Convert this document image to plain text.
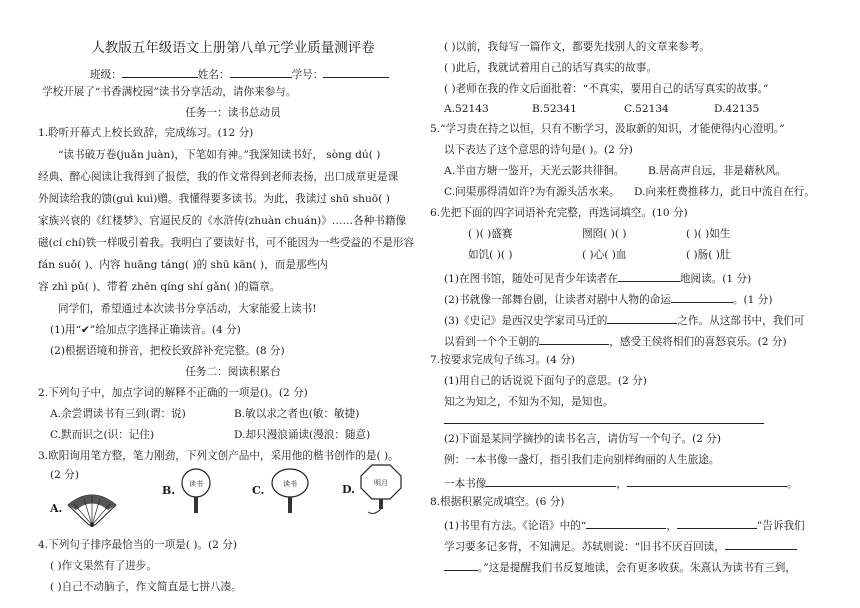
人教版五年级语文上册第八单元学业质量测评卷
班级：	姓名：	学号：
学校开展了“书香满校园”读书分享活动，请你来参与。
任务一：读书总动员
1.聆听开幕式上校长致辞，完成练习。(12 分)
“读书破万卷(juǎn juàn)，下笔如有神。”我深知读书好， sòng dú( )
经典、醉心阅读让我得到了报偿，我的作文常得到老师表扬，出口成章更是课
外阅读给我的馈(guì kuì)赠。我懂得要多读书。为此，我读过 shū shuō( )
家族兴衰的《红楼梦》、官逼民反的《水浒传(zhuàn chuán)》……各种书籍像
磁(cí chí)铁一样吸引着我。我明白了要读好书，可不能因为一些受益的不是形容
fán suǒ( )、内容 huāng táng( )的 shū kān( )，而是那些内
容 zhì pǔ( )、带着 zhēn qíng shí gǎn( )的篇章。
同学们，希望通过本次读书分享活动，大家能爱上读书!
(1)用“✔”给加点字选择正确读音。(4 分)
(2)根据语境和拼音，把校长致辞补充完整。(8 分)
任务二：阅读积累台
2.下列句子中，加点字词的解释不正确的一项是()。(2 分)
A.余尝谓读书有三到(谓：说)	B.敏以求之者也(敏：敏捷)
C.默而识之(识：记住)	D.却只漫浪诵读(漫浪：随意)
3.欧阳询用笔方整，笔力刚劲，下列文创产品中，采用他的楷书创作的是( )。
(2 分)
A.
B. 读书	C.	读书	D.	明月
4.下列句子排序最恰当的一项是( )。(2 分)
( )作文果然有了进步。
( )自己不动脑子，作文简直是七拼八凑。
( )以前，我每写一篇作文，都要先找别人的文章来参考。
( )此后，我就试着用自己的话写真实的故事。
( )老师在我的作文后面批着：“不真实，要用自己的话写真实的故事。”
A.52143	B.52341	C.52134	D.42135
5.“学习贵在持之以恒，只有不断学习，汲取新的知识，才能使得内心澄明。”
以下表达了这个意思的诗句是( )。(2 分)
A.半亩方塘一鉴开，天光云影共徘徊。 B.居高声自远，非是藉秋风。
C.问渠那得清如许?为有源头活水来。 D.向来枉费推移力，此日中流自在行。
6.先把下面的四字词语补充完整，再选词填空。(10 分)
( )( )盛赛	囫囵( )( )	( )( )如生
如饥( )( )	( )心( )血	( )肠( )肚
(1)在图书馆，随处可见青少年读者在	地阅读。(1 分)
(2)书就像一部舞台剧，让读者对剧中人物的命运	。(1 分)
(3)《史记》是西汉史学家司马迁的	之作。从这部书中，我们可
以看到一个个王朝的	，感受王侯将相们的喜怒哀乐。(2 分)
7.按要求完成句子练习。(4 分)
(1)用自己的话说说下面句子的意思。(2 分)
知之为知之，不知为不知，是知也。
(2)下面是某同学摘抄的读书名言，请仿写一个句子。(2 分)
例：一本书像一盏灯，指引我们走向别样绚丽的人生旅途。
一本书像	，	。
8.根据积累完成填空。(6 分)
(1)书里有方法。《论语》中的“	，	”告诉我们
学习要多记多背，不知满足。苏轼则说：“旧书不厌百回读，
。”这是提醒我们书反复地读，会有更多收获。朱熹认为读书有三到，
